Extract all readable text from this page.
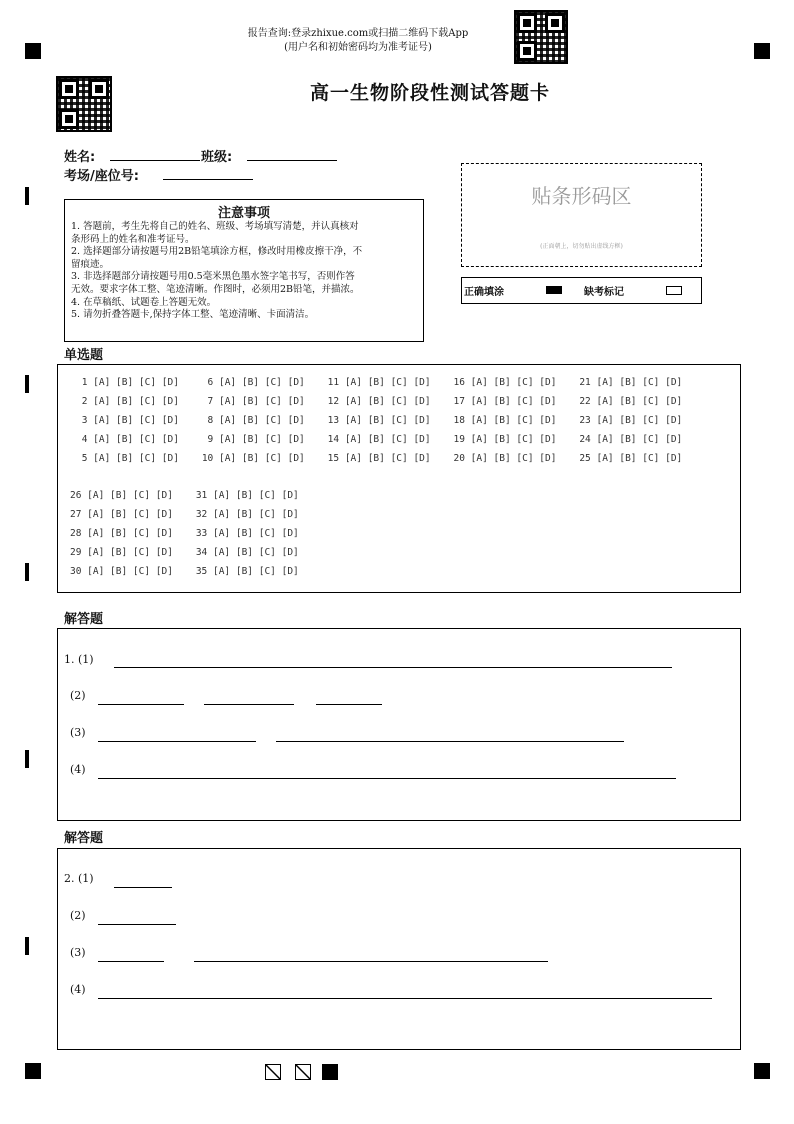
报告查询:登录zhixue.com或扫描二维码下载App
(用户名和初始密码均为准考证号)
高一生物阶段性测试答题卡
姓名:	班级:
考场/座位号:
注意事项
1. 答题前，考生先将自己的姓名、班级、考场填写清楚，并认真核对
条形码上的姓名和准考证号。
2. 选择题部分请按题号用2B铅笔填涂方框，修改时用橡皮擦干净，不
留痕迹。
3. 非选择题部分请按题号用0.5毫米黑色墨水签字笔书写，否则作答
无效。要求字体工整、笔迹清晰。作图时，必须用2B铅笔，并描浓。
4. 在草稿纸、试题卷上答题无效。
5. 请勿折叠答题卡,保持字体工整、笔迹清晰、卡面清洁。
贴条形码区
(正面朝上，切勿贴出虚线方框)
正确填涂	缺考标记
单选题
1 [A] [B] [C] [D]     6 [A] [B] [C] [D]    11 [A] [B] [C] [D]    16 [A] [B] [C] [D]    21 [A] [B] [C] [D]
2 [A] [B] [C] [D]     7 [A] [B] [C] [D]    12 [A] [B] [C] [D]    17 [A] [B] [C] [D]    22 [A] [B] [C] [D]
3 [A] [B] [C] [D]     8 [A] [B] [C] [D]    13 [A] [B] [C] [D]    18 [A] [B] [C] [D]    23 [A] [B] [C] [D]
4 [A] [B] [C] [D]     9 [A] [B] [C] [D]    14 [A] [B] [C] [D]    19 [A] [B] [C] [D]    24 [A] [B] [C] [D]
5 [A] [B] [C] [D]    10 [A] [B] [C] [D]    15 [A] [B] [C] [D]    20 [A] [B] [C] [D]    25 [A] [B] [C] [D]
26 [A] [B] [C] [D]    31 [A] [B] [C] [D]
27 [A] [B] [C] [D]    32 [A] [B] [C] [D]
28 [A] [B] [C] [D]    33 [A] [B] [C] [D]
29 [A] [B] [C] [D]    34 [A] [B] [C] [D]
30 [A] [B] [C] [D]    35 [A] [B] [C] [D]
解答题
1. (1)
(2)
(3)
(4)
解答题
2. (1)
(2)
(3)
(4)
